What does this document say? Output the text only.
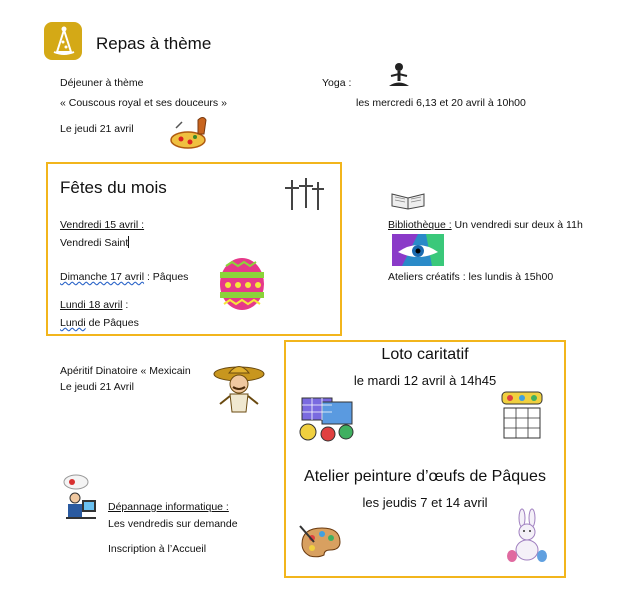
Repas à thème
Déjeuner à thème
« Couscous royal et ses douceurs »
Le jeudi 21 avril
Yoga :
les mercredi 6,13 et 20 avril à 10h00
Fêtes du mois
Vendredi 15 avril :
Vendredi Saint
Dimanche 17 avril : Pâques
Lundi 18 avril :
Lundi de Pâques
Bibliothèque : Un vendredi sur deux à 11h
Ateliers créatifs : les lundis à 15h00
Apéritif Dinatoire « Mexicain
Le jeudi 21 Avril
Loto caritatif
le mardi 12 avril à 14h45
Atelier peinture d’œufs de Pâques
les jeudis 7 et 14 avril
Dépannage informatique :
Les vendredis sur demande
Inscription à l’Accueil
